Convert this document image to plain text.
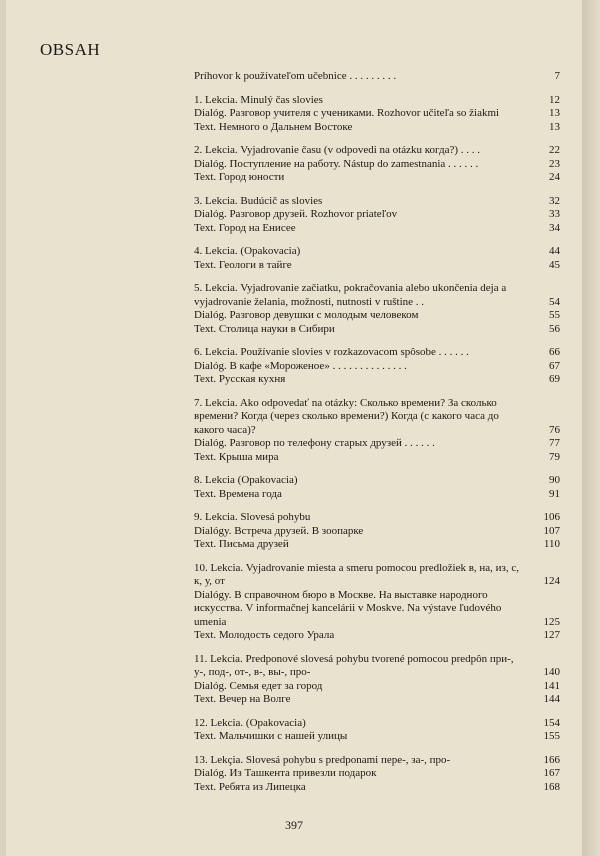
OBSAH
Príhovor k používateľom učebnice . . . . . . . . .	7
1. Lekcia. Minulý čas slovies	12
Dialóg. Разговор учителя с учениками. Rozhovor učiteľa so žiakmi	13
Text. Немного о Дальнем Востоке	13
2. Lekcia. Vyjadrovanie času (v odpovedi na otázku когда?) . . . .	22
Dialóg. Поступление на работу. Nástup do zamestnania . . . . . .	23
Text. Город юности	24
3. Lekcia. Budúcič as slovies	32
Dialóg. Разговор друзей. Rozhovor priateľov	33
Text. Город на Енисее	34
4. Lekcia. (Opakovacia)	44
Text. Геологи в тайге	45
5. Lekcia. Vyjadrovanie začiatku, pokračovania alebo ukončenia deja a vyjadrovanie želania, možnosti, nutnosti v ruštine . .	54
Dialóg. Разговор девушки с молодым человеком	55
Text. Столица науки в Сибири	56
6. Lekcia. Používanie slovies v rozkazovacom spôsobe . . . . . .	66
Dialóg. В кафе «Мороженое» . . . . . . . . . . . . . .	67
Text. Русская кухня	69
7. Lekcia. Ako odpovedať na otázky: Сколько времени? За сколько времени? Когда (через сколько времени?) Когда (с какого часа до какого часа)?	76
Dialóg. Разговор по телефону старых друзей . . . . . .	77
Text. Крыша мира	79
8. Lekcia (Opakovacia)	90
Text. Времена года	91
9. Lekcia. Slovesá pohybu	106
Dialógy. Встреча друзей. В зоопарке	107
Text. Письма друзей	110
10. Lekcia. Vyjadrovanie miesta a smeru pomocou predložiek в, на, из, с, к, у, от	124
Dialógy. В справочном бюро в Москве. На выставке народного искусства. V informačnej kancelárii v Moskve. Na výstave ľudového umenia	125
Text. Молодость седого Урала	127
11. Lekcia. Predponové slovesá pohybu tvorené pomocou predpôn при-, у-, под-, от-, в-, вы-, про-	140
Dialóg. Семья едет за город	141
Text. Вечер на Волге	144
12. Lekcia. (Opakovacia)	154
Text. Мальчишки с нашей улицы	155
13. Lekçia. Slovesá pohybu s predponami пере-, за-, про-	166
Dialóg. Из Ташкента привезли подарок	167
Text. Ребята из Липецка	168
397
